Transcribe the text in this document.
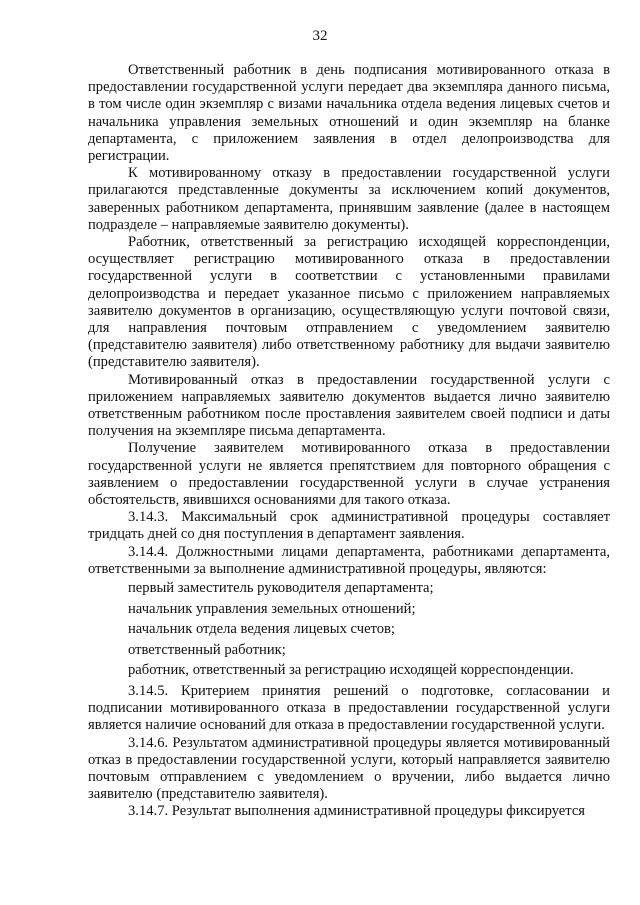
32

Ответственный работник в день подписания мотивированного отказа в предоставлении государственной услуги передает два экземпляра данного письма, в том числе один экземпляр с визами начальника отдела ведения лицевых счетов и начальника управления земельных отношений и один экземпляр на бланке департамента, с приложением заявления в отдел делопроизводства для регистрации.

К мотивированному отказу в предоставлении государственной услуги прилагаются представленные документы за исключением копий документов, заверенных работником департамента, принявшим заявление (далее в настоящем подразделе – направляемые заявителю документы).

Работник, ответственный за регистрацию исходящей корреспонденции, осуществляет регистрацию мотивированного отказа в предоставлении государственной услуги в соответствии с установленными правилами делопроизводства и передает указанное письмо с приложением направляемых заявителю документов в организацию, осуществляющую услуги почтовой связи, для направления почтовым отправлением с уведомлением заявителю (представителю заявителя) либо ответственному работнику для выдачи заявителю (представителю заявителя).

Мотивированный отказ в предоставлении государственной услуги с приложением направляемых заявителю документов выдается лично заявителю ответственным работником после проставления заявителем своей подписи и даты получения на экземпляре письма департамента.

Получение заявителем мотивированного отказа в предоставлении государственной услуги не является препятствием для повторного обращения с заявлением о предоставлении государственной услуги в случае устранения обстоятельств, явившихся основаниями для такого отказа.

3.14.3. Максимальный срок административной процедуры составляет тридцать дней со дня поступления в департамент заявления.

3.14.4. Должностными лицами департамента, работниками департамента, ответственными за выполнение административной процедуры, являются:

первый заместитель руководителя департамента;

начальник управления земельных отношений;

начальник отдела ведения лицевых счетов;

ответственный работник;

работник, ответственный за регистрацию исходящей корреспонденции.

3.14.5. Критерием принятия решений о подготовке, согласовании и подписании мотивированного отказа в предоставлении государственной услуги является наличие оснований для отказа в предоставлении государственной услуги.

3.14.6. Результатом административной процедуры является мотивированный отказ в предоставлении государственной услуги, который направляется заявителю почтовым отправлением с уведомлением о вручении, либо выдается лично заявителю (представителю заявителя).

3.14.7. Результат выполнения административной процедуры фиксируется
